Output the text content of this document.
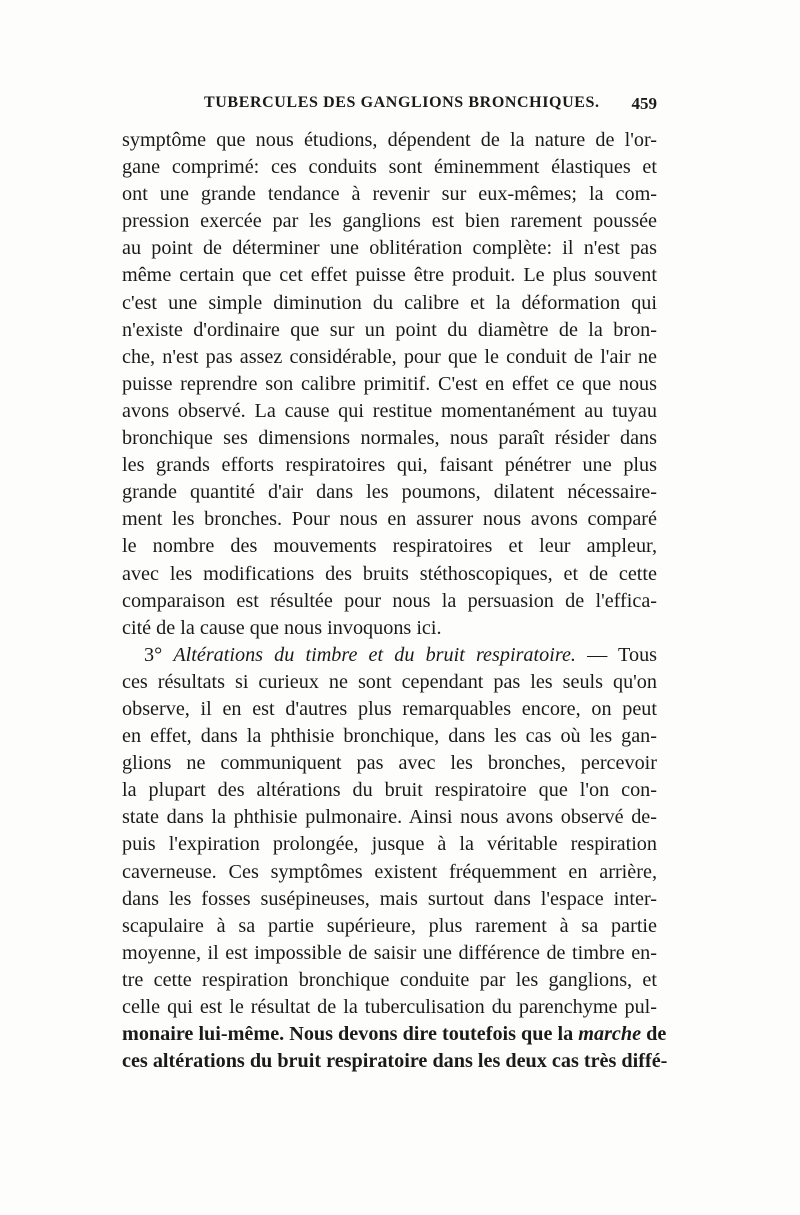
TUBERCULES DES GANGLIONS BRONCHIQUES. 459
symptôme que nous étudions, dépendent de la nature de l'or-
gane comprimé: ces conduits sont éminemment élastiques et
ont une grande tendance à revenir sur eux-mêmes; la com-
pression exercée par les ganglions est bien rarement poussée
au point de déterminer une oblitération complète: il n'est pas
même certain que cet effet puisse être produit. Le plus souvent
c'est une simple diminution du calibre et la déformation qui
n'existe d'ordinaire que sur un point du diamètre de la bron-
che, n'est pas assez considérable, pour que le conduit de l'air ne
puisse reprendre son calibre primitif. C'est en effet ce que nous
avons observé. La cause qui restitue momentanément au tuyau
bronchique ses dimensions normales, nous paraît résider dans
les grands efforts respiratoires qui, faisant pénétrer une plus
grande quantité d'air dans les poumons, dilatent nécessaire-
ment les bronches. Pour nous en assurer nous avons comparé
le nombre des mouvements respiratoires et leur ampleur,
avec les modifications des bruits stéthoscopiques, et de cette
comparaison est résultée pour nous la persuasion de l'effica-
cité de la cause que nous invoquons ici.
3° Altérations du timbre et du bruit respiratoire. — Tous
ces résultats si curieux ne sont cependant pas les seuls qu'on
observe, il en est d'autres plus remarquables encore, on peut
en effet, dans la phthisie bronchique, dans les cas où les gan-
glions ne communiquent pas avec les bronches, percevoir
la plupart des altérations du bruit respiratoire que l'on con-
state dans la phthisie pulmonaire. Ainsi nous avons observé de-
puis l'expiration prolongée, jusque à la véritable respiration
caverneuse. Ces symptômes existent fréquemment en arrière,
dans les fosses susépineuses, mais surtout dans l'espace inter-
scapulaire à sa partie supérieure, plus rarement à sa partie
moyenne, il est impossible de saisir une différence de timbre en-
tre cette respiration bronchique conduite par les ganglions, et
celle qui est le résultat de la tuberculisation du parenchyme pul-
monaire lui-même. Nous devons dire toutefois que la marche de
ces altérations du bruit respiratoire dans les deux cas très diffé-
